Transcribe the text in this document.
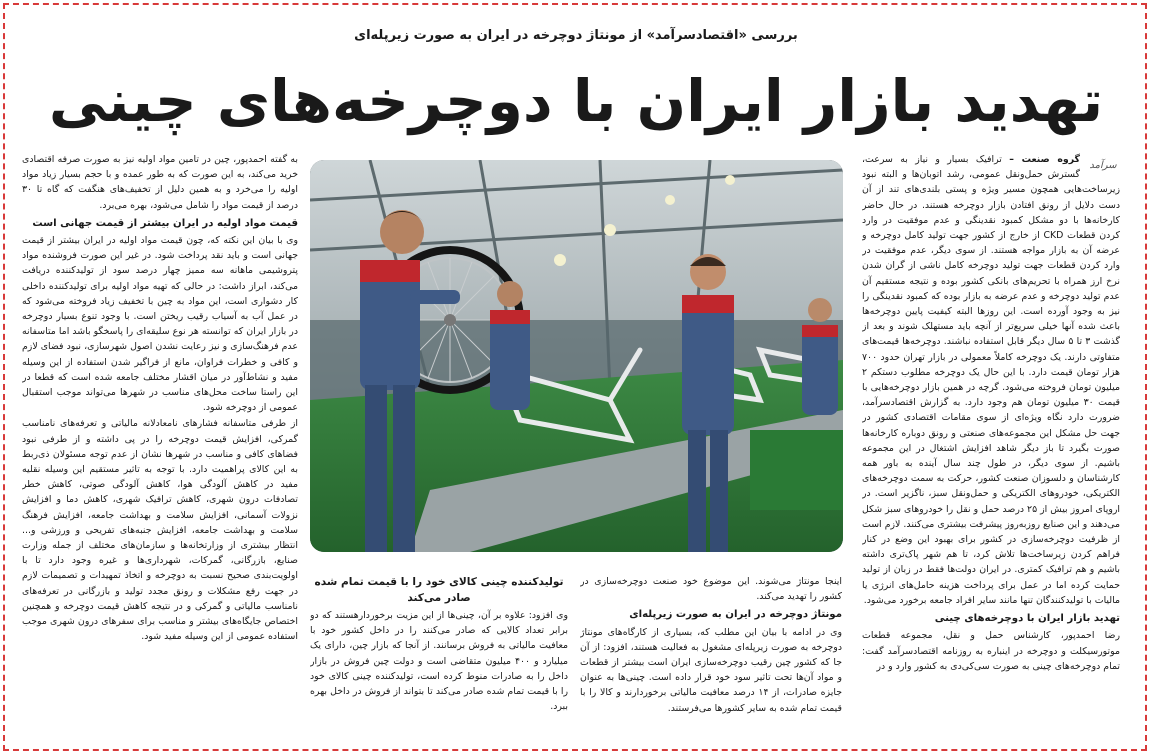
بررسی «اقتصادسرآمد» از مونتاژ دوچرخه در ایران به صورت زیرپله‌ای
تهدید بازار ایران با دوچرخه‌های چینی
سرآمد

گروه صنعت – ترافیک بسیار و نیاز به سرعت، گسترش حمل‌ونقل عمومی، رشد اتوبان‌ها و البته نبود زیرساخت‌هایی همچون مسیر ویژه و پستی بلندی‌های تند از آن دست دلایل از رونق افتادن بازار دوچرخه هستند. در حال حاضر کارخانه‌ها با دو مشکل کمبود نقدینگی و عدم موفقیت در وارد کردن قطعات CKD از خارج از کشور جهت تولید کامل دوچرخه و عرضه آن به بازار مواجه هستند. از سوی دیگر، عدم موفقیت در وارد کردن قطعات جهت تولید دوچرخه کامل ناشی از گران شدن نرخ ارز همراه با تحریم‌های بانکی کشور بوده و نتیجه مستقیم آن عدم تولید دوچرخه و عدم عرضه به بازار بوده که کمبود نقدینگی را نیز به وجود آورده است. این روزها البته کیفیت پایین دوچرخه‌ها باعث شده آنها خیلی سریع‌تر از آنچه باید مستهلک شوند و بعد از گذشت ۳ تا ۵ سال دیگر قابل استفاده نباشند. دوچرخه‌ها قیمت‌های متفاوتی دارند. یک دوچرخه کاملاً معمولی در بازار تهران حدود ۷۰۰ هزار تومان قیمت دارد. با این حال یک دوچرخه مطلوب دستکم ۲ میلیون تومان فروخته می‌شود. گرچه در همین بازار دوچرخه‌هایی با قیمت ۳۰ میلیون تومان هم وجود دارد. به گزارش اقتصادسرآمد، ضرورت دارد نگاه ویژه‌ای از سوی مقامات اقتصادی کشور در جهت حل مشکل این مجموعه‌های صنعتی و رونق دوباره کارخانه‌ها صورت بگیرد تا باز دیگر شاهد افزایش اشتغال در این مجموعه باشیم. از سوی دیگر، در طول چند سال آینده به باور همه کارشناسان و دلسوزان صنعت کشور، حرکت به سمت دوچرخه‌های الکتریکی، خودروهای الکتریکی و حمل‌ونقل سبز، ناگزیر است. در اروپای امروز بیش از ۲۵ درصد حمل و نقل را خودروهای سبز شکل می‌دهند و این صنایع روزبه‌روز پیشرفت بیشتری می‌کنند. لازم است از ظرفیت دوچرخه‌سازی در کشور برای بهبود این وضع در کنار فراهم کردن زیرساخت‌ها تلاش کرد، تا هم شهر پاک‌تری داشته باشیم و هم ترافیک کمتری. در ایران دولت‌ها فقط در زبان از تولید حمایت کرده اما در عمل برای پرداخت هزینه حامل‌های انرژی یا مالیات با تولیدکنندگان تنها مانند سایر افراد جامعه برخورد می‌شود.

تهدید بازار ایران با دوچرخه‌های چینی

رضا احمدپور، کارشناس حمل و نقل، مجموعه قطعات موتورسیکلت و دوچرخه در اینباره به روزنامه اقتصادسرآمد گفت: تمام دوچرخه‌های چینی به صورت سی‌کی‌دی به کشور وارد و در

به گفته احمدپور، چین در تامین مواد اولیه نیز به صورت صرفه اقتصادی خرید می‌کند، به این صورت که به طور عمده و با حجم بسیار زیاد مواد اولیه را می‌خرد و به همین دلیل از تخفیف‌های هنگفت که گاه تا ۳۰ درصد از قیمت مواد را شامل می‌شود، بهره می‌برد.

قیمت مواد اولیه در ایران بیشتر از قیمت جهانی است

وی با بیان این نکته که، چون قیمت مواد اولیه در ایران بیشتر از قیمت جهانی است و باید نقد پرداخت شود. در غیر این صورت فروشنده مواد پتروشیمی ماهانه سه ممیز چهار درصد سود از تولیدکننده دریافت می‌کند، ابراز داشت: در حالی که تهیه مواد اولیه برای تولیدکننده داخلی کار دشواری است، این مواد به چین با تخفیف زیاد فروخته می‌شود که در عمل آب به آسیاب رقیب ریختن است. با وجود تنوع بسیار دوچرخه در بازار ایران که توانسته هر نوع سلیقه‌ای را پاسخگو باشد اما متاسفانه عدم فرهنگ‌سازی و نیز رعایت نشدن اصول شهرسازی، نبود فضای لازم و کافی و خطرات فراوان، مانع از فراگیر شدن استفاده از این وسیله مفید و نشاط‌آور در میان اقشار مختلف جامعه شده است که قطعا در این راستا ساخت محل‌های مناسب در شهرها می‌تواند موجب استقبال عمومی از دوچرخه شود.

از طرفی متاسفانه فشارهای نامعادلانه مالیاتی و تعرفه‌های نامناسب گمرکی، افزایش قیمت دوچرخه را در پی داشته و از طرفی نبود فضاهای کافی و مناسب در شهرها نشان از عدم توجه مسئولان ذی‌ربط به این کالای پراهمیت دارد. با توجه به تاثیر مستقیم این وسیله نقلیه مفید در کاهش آلودگی هوا، کاهش آلودگی صوتی، کاهش خطر تصادفات درون شهری، کاهش ترافیک شهری، کاهش دما و افزایش نزولات آسمانی، افزایش سلامت و بهداشت جامعه، افزایش فرهنگ سلامت و بهداشت جامعه، افزایش جنبه‌های تفریحی و ورزشی و... انتظار بیشتری از وزارتخانه‌ها و سازمان‌های مختلف از جمله وزارت صنایع، بازرگانی، گمرکات، شهرداری‌ها و غیره وجود دارد تا با اولویت‌بندی صحیح نسبت به دوچرخه و اتخاذ تمهیدات و تصمیمات لازم در جهت رفع مشکلات و رونق مجدد تولید و بازرگانی در تعرفه‌های نامناسب مالیاتی و گمرکی و در نتیجه کاهش قیمت دوچرخه و همچنین اختصاص جایگاه‌های بیشتر و مناسب برای سفرهای درون شهری موجب استفاده عمومی از این وسیله مفید شود.

اینجا مونتاژ می‌شوند. این موضوع خود صنعت دوچرخه‌سازی در کشور را تهدید می‌کند.

مونتاژ دوچرخه در ایران به صورت زیرپله‌ای

وی در ادامه با بیان این مطلب که، بسیاری از کارگاه‌های مونتاژ دوچرخه به صورت زیرپله‌ای مشغول به فعالیت هستند، افزود: از آن جا که کشور چین رقیب دوچرخه‌سازی ایران است بیشتر از قطعات و مواد آن‌ها تحت تاثیر سود خود قرار داده است. چینی‌ها به عنوان جایزه صادرات، از ۱۴ درصد معافیت مالیاتی برخوردارند و کالا را با قیمت تمام شده به سایر کشورها می‌فرستند.

تولیدکننده چینی کالای خود را با قیمت تمام شده صادر می‌کند

وی افزود: علاوه بر آن، چینی‌ها از این مزیت برخوردارهستند که دو برابر تعداد کالایی که صادر می‌کنند را در داخل کشور خود با معافیت مالیاتی به فروش برسانند. از آنجا که بازار چین، دارای یک میلیارد و ۴۰۰ میلیون متقاضی است و دولت چین فروش در بازار داخل را به صادرات منوط کرده است، تولیدکننده چینی کالای خود را با قیمت تمام شده صادر می‌کند تا بتواند از فروش در داخل بهره ببرد.
